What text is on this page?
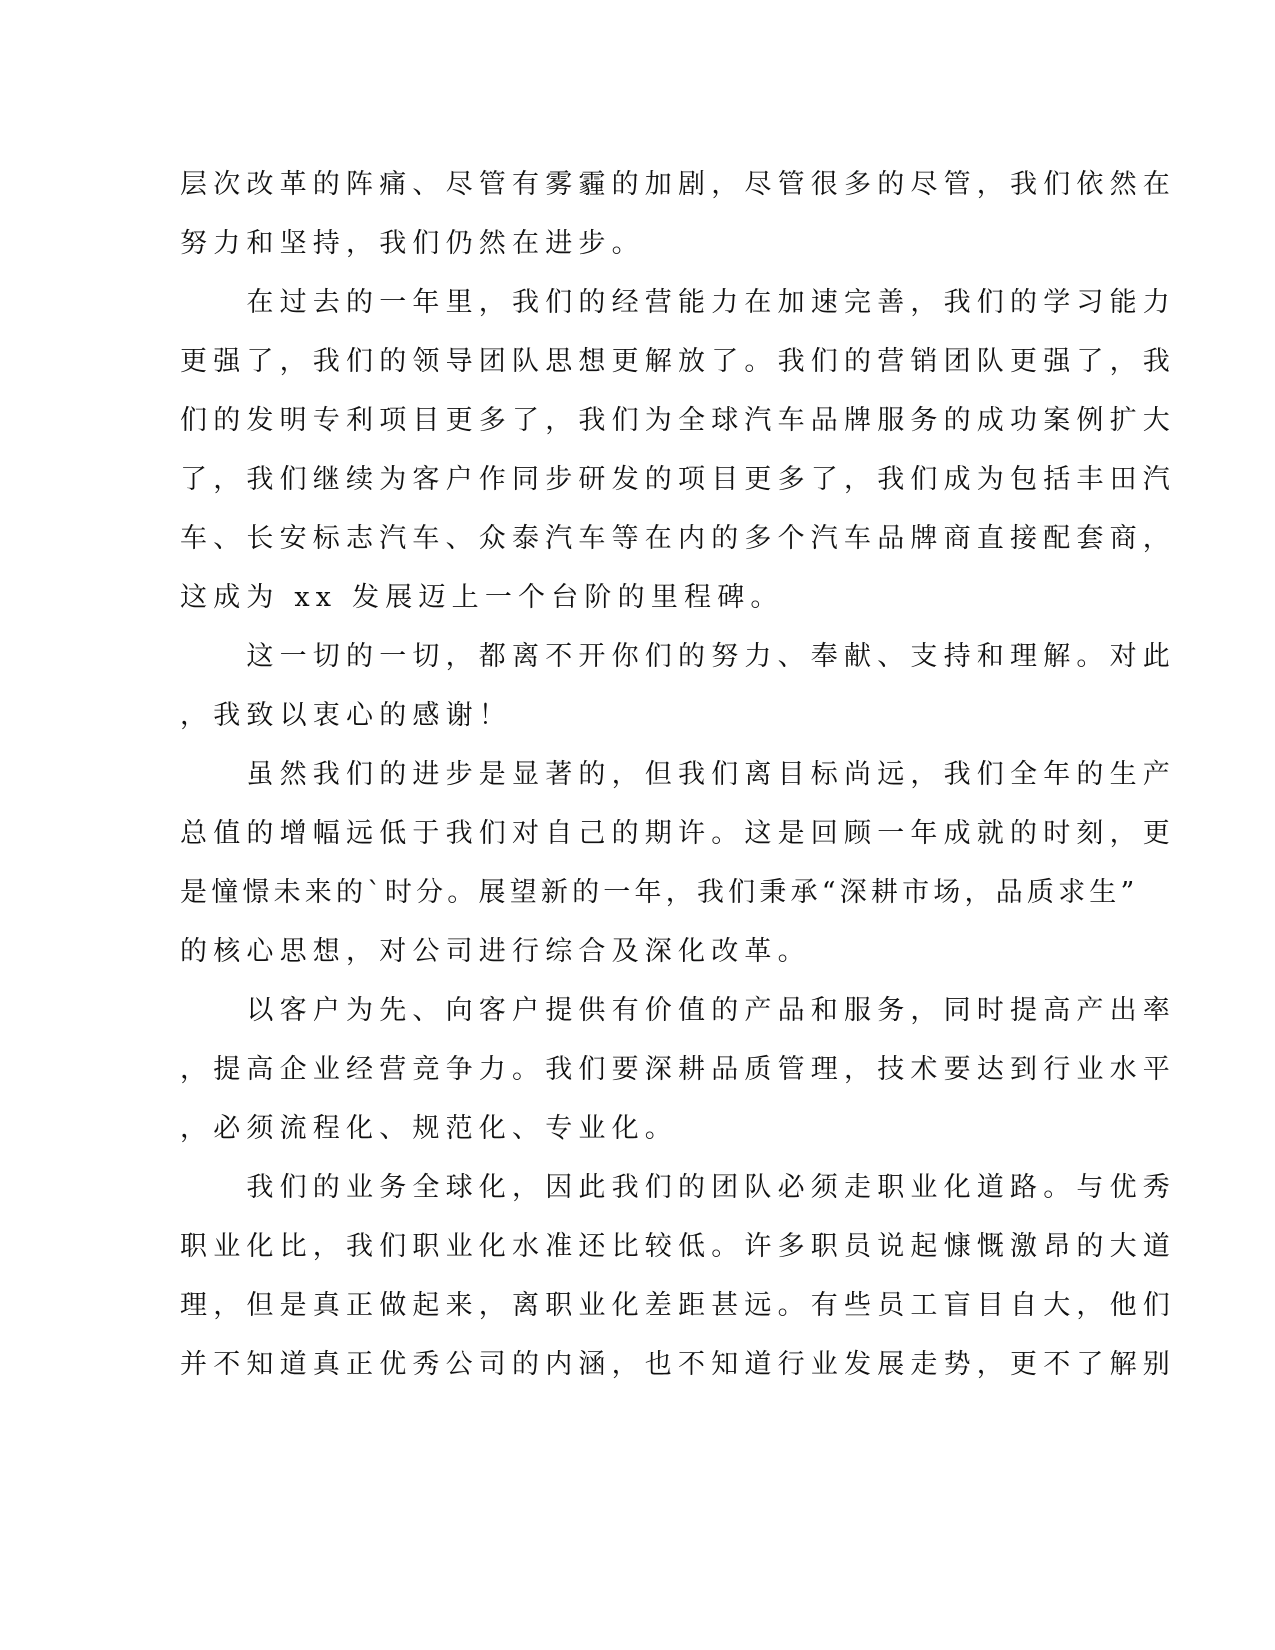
层次改革的阵痛、尽管有雾霾的加剧，尽管很多的尽管，我们依然在
努力和坚持，我们仍然在进步。
　　在过去的一年里，我们的经营能力在加速完善，我们的学习能力
更强了，我们的领导团队思想更解放了。我们的营销团队更强了，我
们的发明专利项目更多了，我们为全球汽车品牌服务的成功案例扩大
了，我们继续为客户作同步研发的项目更多了，我们成为包括丰田汽
车、长安标志汽车、众泰汽车等在内的多个汽车品牌商直接配套商，
这成为 xx 发展迈上一个台阶的里程碑。
　　这一切的一切，都离不开你们的努力、奉献、支持和理解。对此
，我致以衷心的感谢！
　　虽然我们的进步是显著的，但我们离目标尚远，我们全年的生产
总值的增幅远低于我们对自己的期许。这是回顾一年成就的时刻，更
是憧憬未来的`时分。展望新的一年，我们秉承“深耕市场，品质求生”
的核心思想，对公司进行综合及深化改革。
　　以客户为先、向客户提供有价值的产品和服务，同时提高产出率
，提高企业经营竞争力。我们要深耕品质管理，技术要达到行业水平
，必须流程化、规范化、专业化。
　　我们的业务全球化，因此我们的团队必须走职业化道路。与优秀
职业化比，我们职业化水准还比较低。许多职员说起慷慨激昂的大道
理，但是真正做起来，离职业化差距甚远。有些员工盲目自大，他们
并不知道真正优秀公司的内涵，也不知道行业发展走势，更不了解别
